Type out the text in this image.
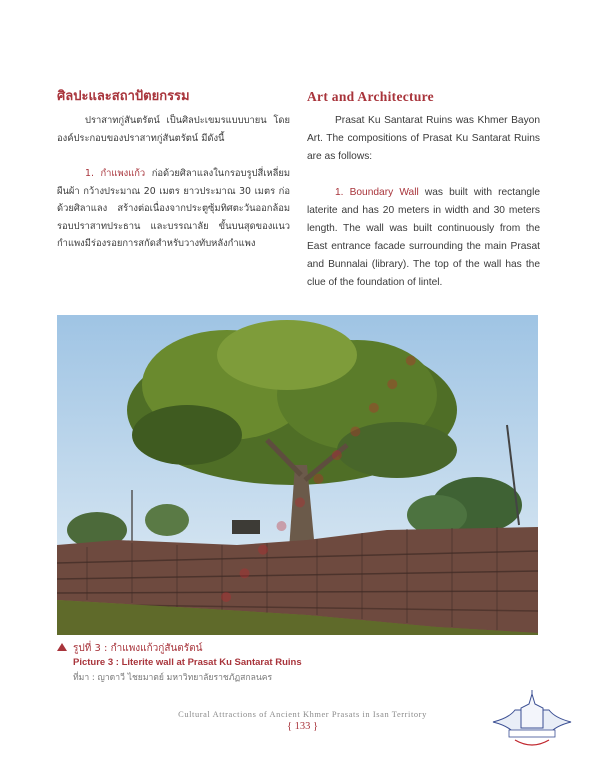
ศิลปะและสถาปัตยกรรม

ปราสาทกู่สันตรัตน์ เป็นศิลปะเขมรแบบบายน โดยองค์ประกอบของปราสาทกู่สันตรัตน์ มีดังนี้

1. กำแพงแก้ว ก่อด้วยศิลาแลงในกรอบรูปสี่เหลี่ยมผืนผ้า กว้างประมาณ 20 เมตร ยาวประมาณ 30 เมตร ก่อด้วยศิลาแลง สร้างต่อเนื่องจากประตูซุ้มทิศตะวันออกล้อมรอบปราสาทประธาน และบรรณาลัย ขั้นบนสุดของแนวกำแพงมีร่องรอยการสกัดสำหรับวางทับหลังกำแพง

Art and Architecture

Prasat Ku Santarat Ruins was Khmer Bayon Art. The compositions of Prasat Ku Santarat Ruins are as follows:

1. Boundary Wall was built with rectangle laterite and has 20 meters in width and 30 meters length. The wall was built continuously from the East entrance facade surrounding the main Prasat and Bunnalai (library). The top of the wall has the clue of the foundation of lintel.

รูปที่ 3 : กำแพงแก้วกู่สันตรัตน์
Picture 3 : Literite wall at Prasat Ku Santarat Ruins
ที่มา : ญาดาวี ไชยมาตย์ มหาวิทยาลัยราชภัฏสกลนคร
Cultural Attractions of Ancient Khmer Prasats in Isan Territory
{ 133 }
